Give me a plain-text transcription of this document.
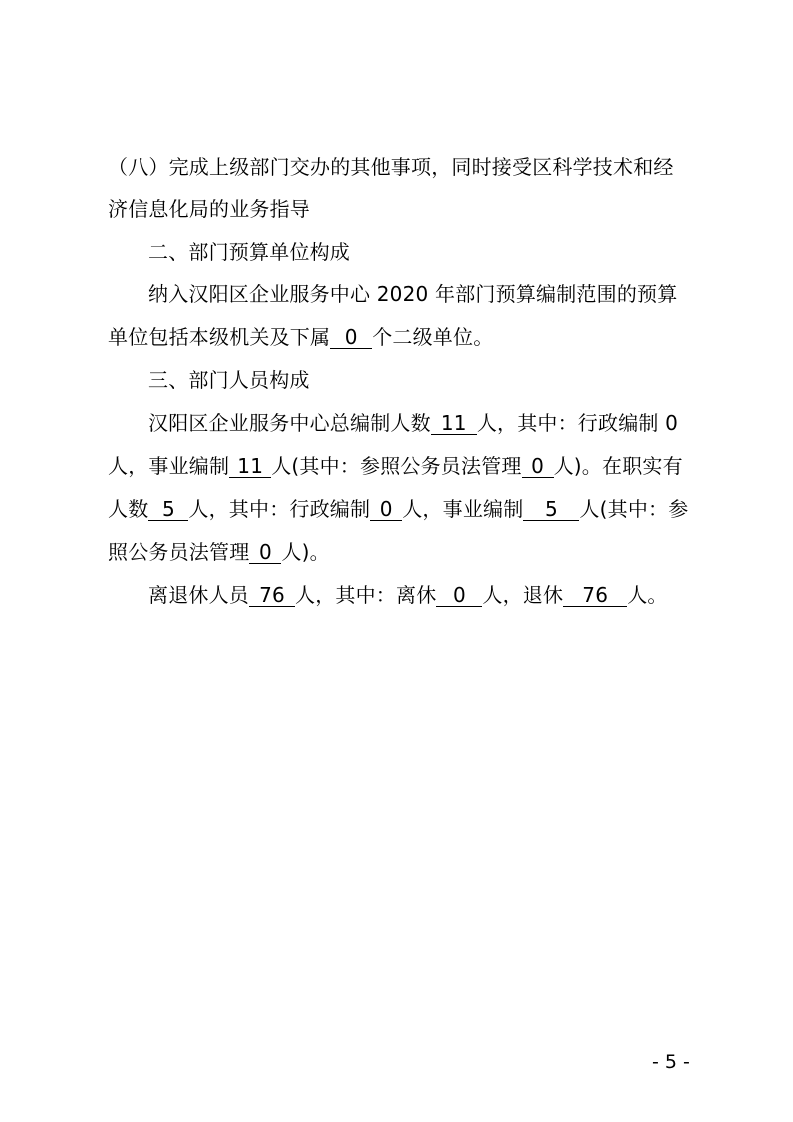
（八）完成上级部门交办的其他事项，同时接受区科学技术和经
济信息化局的业务指导
二、部门预算单位构成
纳入汉阳区企业服务中心 2020 年部门预算编制范围的预算
单位包括本级机关及下属 0 个二级单位。
三、部门人员构成
汉阳区企业服务中心总编制人数 11 人，其中：行政编制 0
人，事业编制 11 人(其中：参照公务员法管理 0 人)。在职实有
人数 5 人，其中：行政编制 0 人，事业编制 5 人(其中：参
照公务员法管理 0 人)。
离退休人员 76 人，其中：离休 0 人，退休 76 人。
- 5 -
